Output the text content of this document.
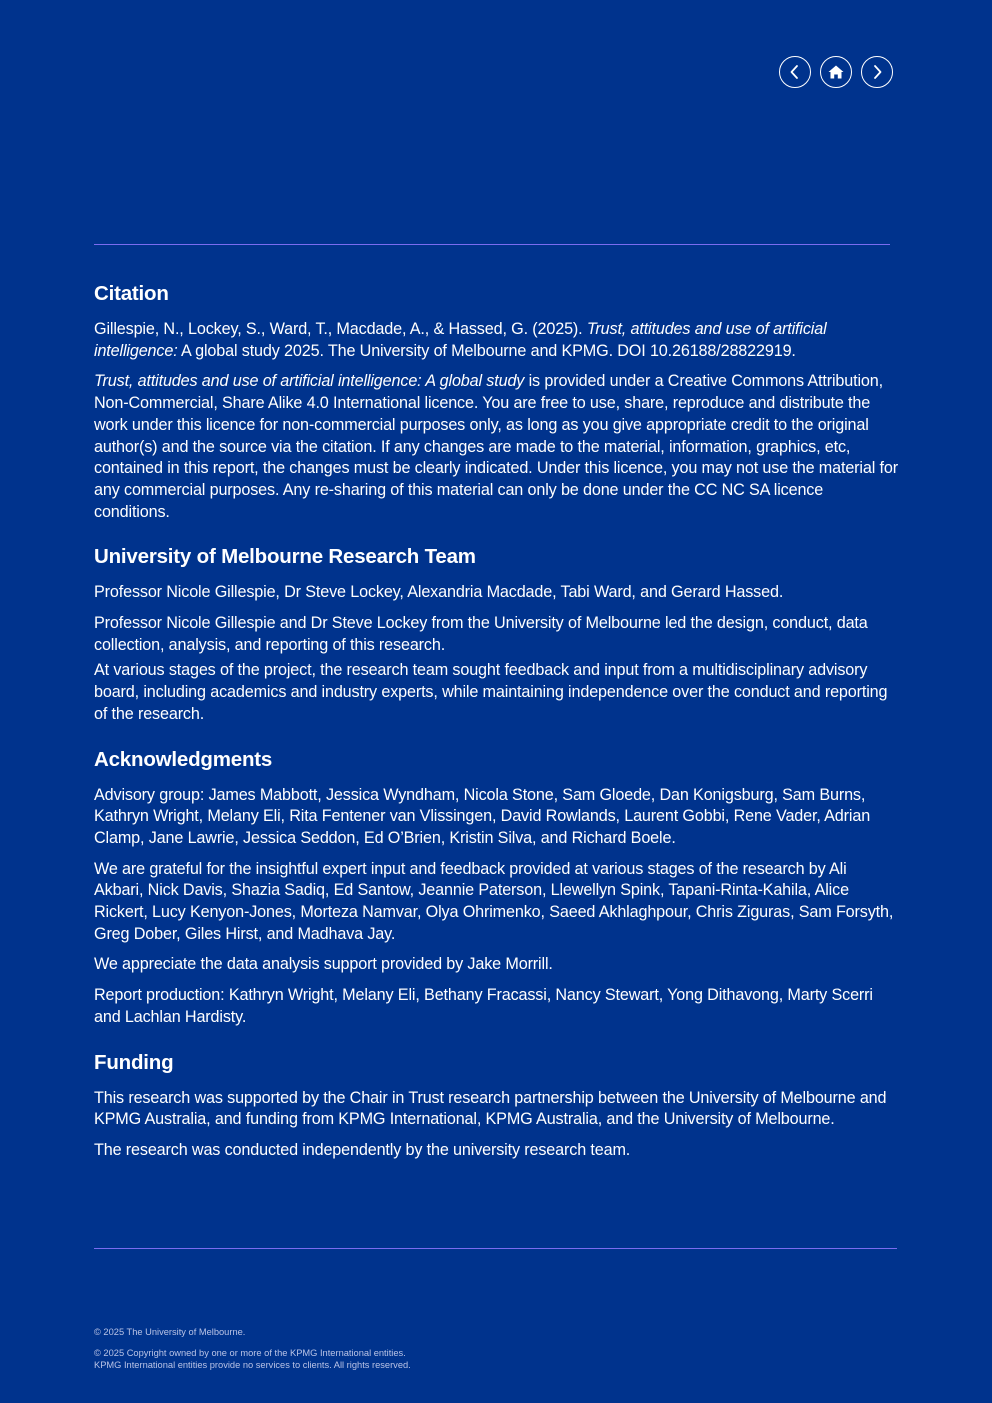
Citation

Gillespie, N., Lockey, S., Ward, T., Macdade, A., & Hassed, G. (2025). Trust, attitudes and use of artificial intelligence: A global study 2025. The University of Melbourne and KPMG. DOI 10.26188/28822919.

Trust, attitudes and use of artificial intelligence: A global study is provided under a Creative Commons Attribution, Non-Commercial, Share Alike 4.0 International licence. You are free to use, share, reproduce and distribute the work under this licence for non-commercial purposes only, as long as you give appropriate credit to the original author(s) and the source via the citation. If any changes are made to the material, information, graphics, etc, contained in this report, the changes must be clearly indicated. Under this licence, you may not use the material for any commercial purposes. Any re-sharing of this material can only be done under the CC NC SA licence conditions.

University of Melbourne Research Team

Professor Nicole Gillespie, Dr Steve Lockey, Alexandria Macdade, Tabi Ward, and Gerard Hassed.

Professor Nicole Gillespie and Dr Steve Lockey from the University of Melbourne led the design, conduct, data collection, analysis, and reporting of this research.

At various stages of the project, the research team sought feedback and input from a multidisciplinary advisory board, including academics and industry experts, while maintaining independence over the conduct and reporting of the research.

Acknowledgments

Advisory group: James Mabbott, Jessica Wyndham, Nicola Stone, Sam Gloede, Dan Konigsburg, Sam Burns, Kathryn Wright, Melany Eli, Rita Fentener van Vlissingen, David Rowlands, Laurent Gobbi, Rene Vader, Adrian Clamp, Jane Lawrie, Jessica Seddon, Ed O’Brien, Kristin Silva, and Richard Boele.

We are grateful for the insightful expert input and feedback provided at various stages of the research by Ali Akbari, Nick Davis, Shazia Sadiq, Ed Santow, Jeannie Paterson, Llewellyn Spink, Tapani-Rinta-Kahila, Alice Rickert, Lucy Kenyon-Jones, Morteza Namvar, Olya Ohrimenko, Saeed Akhlaghpour, Chris Ziguras, Sam Forsyth, Greg Dober, Giles Hirst, and Madhava Jay.

We appreciate the data analysis support provided by Jake Morrill.

Report production: Kathryn Wright, Melany Eli, Bethany Fracassi, Nancy Stewart, Yong Dithavong, Marty Scerri and Lachlan Hardisty.

Funding

This research was supported by the Chair in Trust research partnership between the University of Melbourne and KPMG Australia, and funding from KPMG International, KPMG Australia, and the University of Melbourne.

The research was conducted independently by the university research team.

© 2025 The University of Melbourne.
© 2025 Copyright owned by one or more of the KPMG International entities.
KPMG International entities provide no services to clients. All rights reserved.
